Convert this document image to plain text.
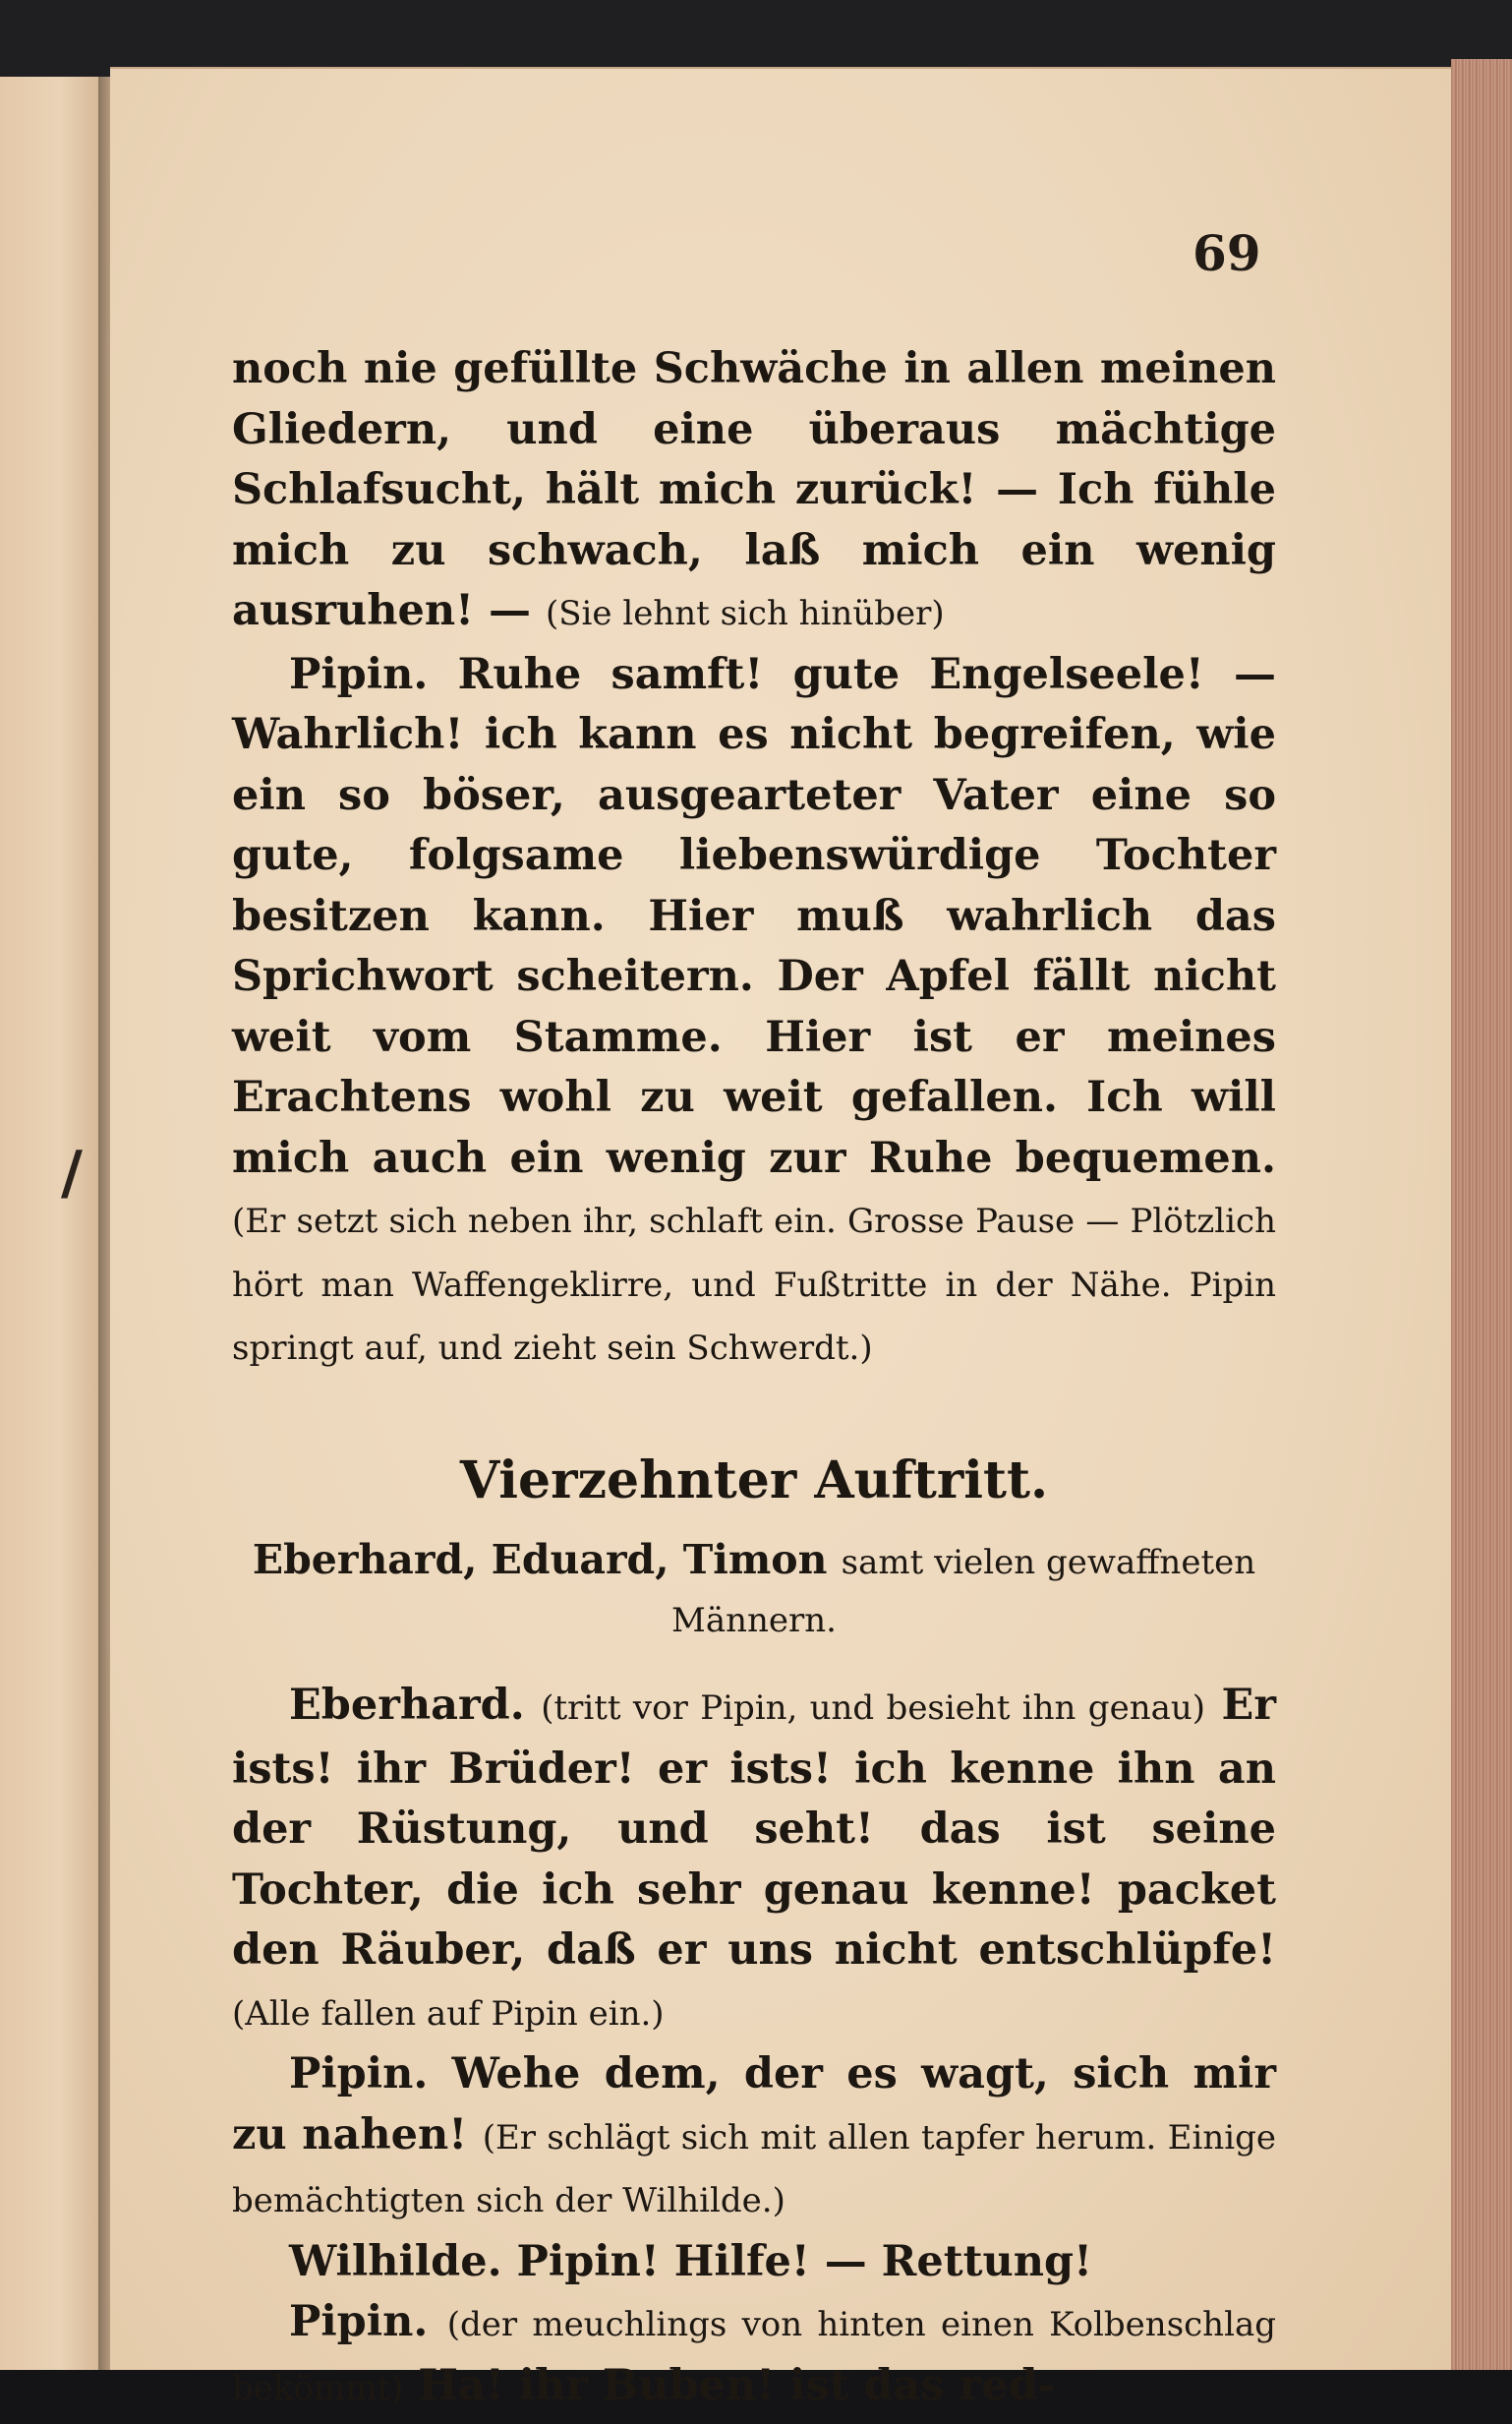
/
69

noch nie gefüllte Schwäche in allen meinen Gliedern, und eine überaus mächtige Schlafsucht, hält mich zurück! — Ich fühle mich zu schwach, laß mich ein wenig ausruhen! — (Sie lehnt sich hinüber)

Pipin. Ruhe samft! gute Engelseele! — Wahrlich! ich kann es nicht begreifen, wie ein so böser, ausgearteter Vater eine so gute, folgsame liebenswürdige Tochter besitzen kann. Hier muß wahrlich das Sprichwort scheitern. Der Apfel fällt nicht weit vom Stamme. Hier ist er meines Erachtens wohl zu weit gefallen. Ich will mich auch ein wenig zur Ruhe bequemen. (Er setzt sich neben ihr, schlaft ein. Grosse Pause — Plötzlich hört man Waffengeklirre, und Fußtritte in der Nähe. Pipin springt auf, und zieht sein Schwerdt.)

Vierzehnter Auftritt.

Eberhard, Eduard, Timon samt vielen gewaffneten Männern.

Eberhard. (tritt vor Pipin, und besieht ihn genau) Er ists! ihr Brüder! er ists! ich kenne ihn an der Rüstung, und seht! das ist seine Tochter, die ich sehr genau kenne! packet den Räuber, daß er uns nicht entschlüpfe! (Alle fallen auf Pipin ein.)

Pipin. Wehe dem, der es wagt, sich mir zu nahen! (Er schlägt sich mit allen tapfer herum. Einige bemächtigten sich der Wilhilde.)

Wilhilde. Pipin! Hilfe! — Rettung!

Pipin. (der meuchlings von hinten einen Kolbenschlag bekömmt) Ha! ihr Buben! ist das red-
